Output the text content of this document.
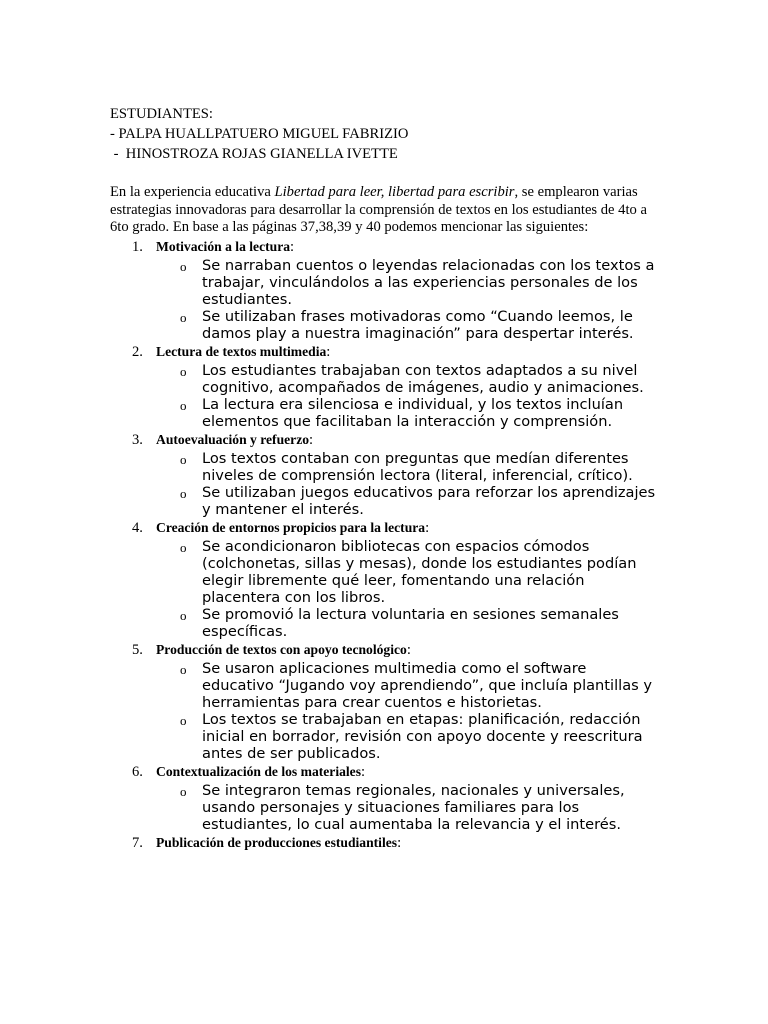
ESTUDIANTES:
- PALPA HUALLPATUERO MIGUEL FABRIZIO
-  HINOSTROZA ROJAS GIANELLA IVETTE

En la experiencia educativa Libertad para leer, libertad para escribir, se emplearon varias estrategias innovadoras para desarrollar la comprensión de textos en los estudiantes de 4to a 6to grado. En base a las páginas 37,38,39 y 40 podemos mencionar las siguientes:

1. Motivación a la lectura:
o Se narraban cuentos o leyendas relacionadas con los textos a trabajar, vinculándolos a las experiencias personales de los estudiantes.
o Se utilizaban frases motivadoras como “Cuando leemos, le damos play a nuestra imaginación” para despertar interés.
2. Lectura de textos multimedia:
o Los estudiantes trabajaban con textos adaptados a su nivel cognitivo, acompañados de imágenes, audio y animaciones.
o La lectura era silenciosa e individual, y los textos incluían elementos que facilitaban la interacción y comprensión.
3. Autoevaluación y refuerzo:
o Los textos contaban con preguntas que medían diferentes niveles de comprensión lectora (literal, inferencial, crítico).
o Se utilizaban juegos educativos para reforzar los aprendizajes y mantener el interés.
4. Creación de entornos propicios para la lectura:
o Se acondicionaron bibliotecas con espacios cómodos (colchonetas, sillas y mesas), donde los estudiantes podían elegir libremente qué leer, fomentando una relación placentera con los libros.
o Se promovió la lectura voluntaria en sesiones semanales específicas.
5. Producción de textos con apoyo tecnológico:
o Se usaron aplicaciones multimedia como el software educativo “Jugando voy aprendiendo”, que incluía plantillas y herramientas para crear cuentos e historietas.
o Los textos se trabajaban en etapas: planificación, redacción inicial en borrador, revisión con apoyo docente y reescritura antes de ser publicados.
6. Contextualización de los materiales:
o Se integraron temas regionales, nacionales y universales, usando personajes y situaciones familiares para los estudiantes, lo cual aumentaba la relevancia y el interés.
7. Publicación de producciones estudiantiles:
